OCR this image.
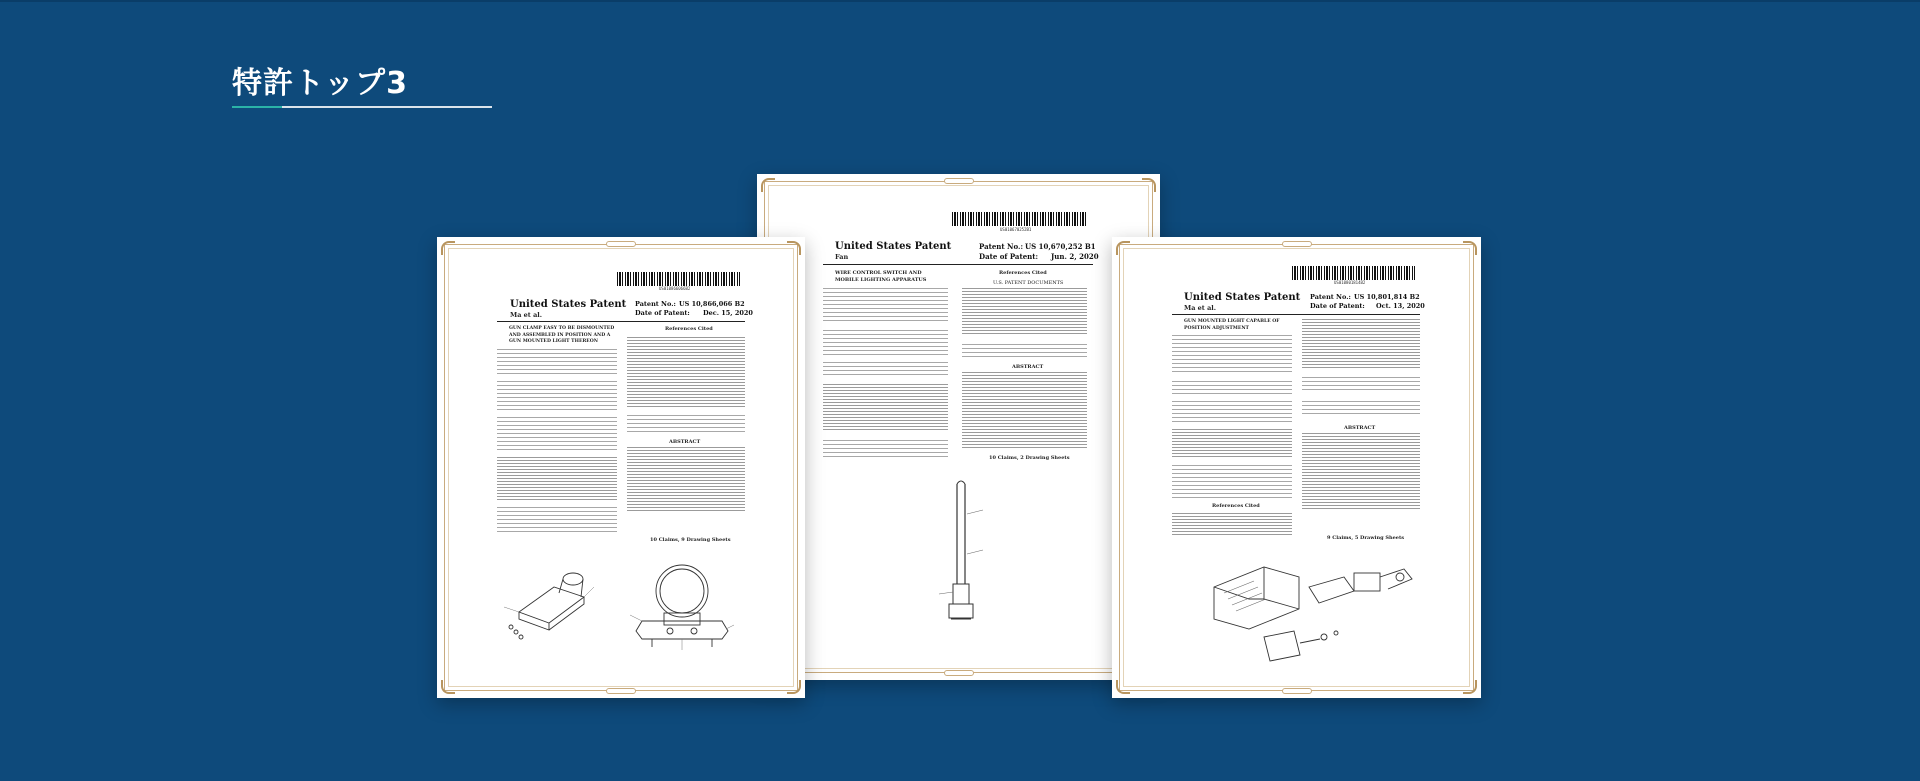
特許トップ3
US010670252B1
United States Patent
Fan
Patent No.: US 10,670,252 B1
Date of Patent: Jun. 2, 2020
WIRE CONTROL SWITCH AND MOBILE LIGHTING APPARATUS
References Cited
U.S. PATENT DOCUMENTS
ABSTRACT
10 Claims, 2 Drawing Sheets
US010866066B2
United States Patent
Ma et al.
Patent No.: US 10,866,066 B2
Date of Patent: Dec. 15, 2020
GUN CLAMP EASY TO BE DISMOUNTED AND ASSEMBLED IN POSITION AND A GUN MOUNTED LIGHT THEREON
References Cited
ABSTRACT
10 Claims, 9 Drawing Sheets
US010801814B2
United States Patent
Ma et al.
Patent No.: US 10,801,814 B2
Date of Patent: Oct. 13, 2020
GUN MOUNTED LIGHT CAPABLE OF POSITION ADJUSTMENT
References Cited
ABSTRACT
9 Claims, 5 Drawing Sheets
